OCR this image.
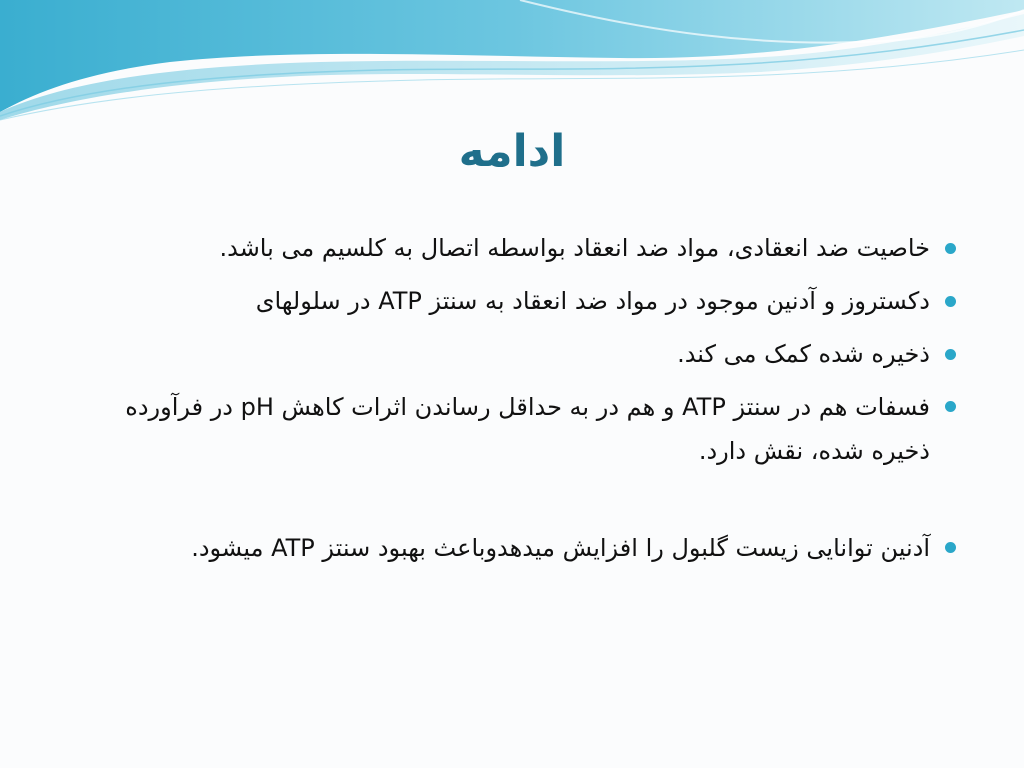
ادامه
خاصیت ضد انعقادی، مواد ضد انعقاد بواسطه اتصال به کلسیم می باشد.
دکستروز و آدنین موجود در مواد ضد انعقاد به سنتز ATP در سلولهای
ذخیره شده کمک می کند.
فسفات هم در سنتز ATP و هم در به حداقل رساندن اثرات کاهش pH در فرآورده ذخیره شده، نقش دارد.
آدنین توانایی زیست گلبول را افزایش میدهدوباعث بهبود سنتز ATP میشود.
